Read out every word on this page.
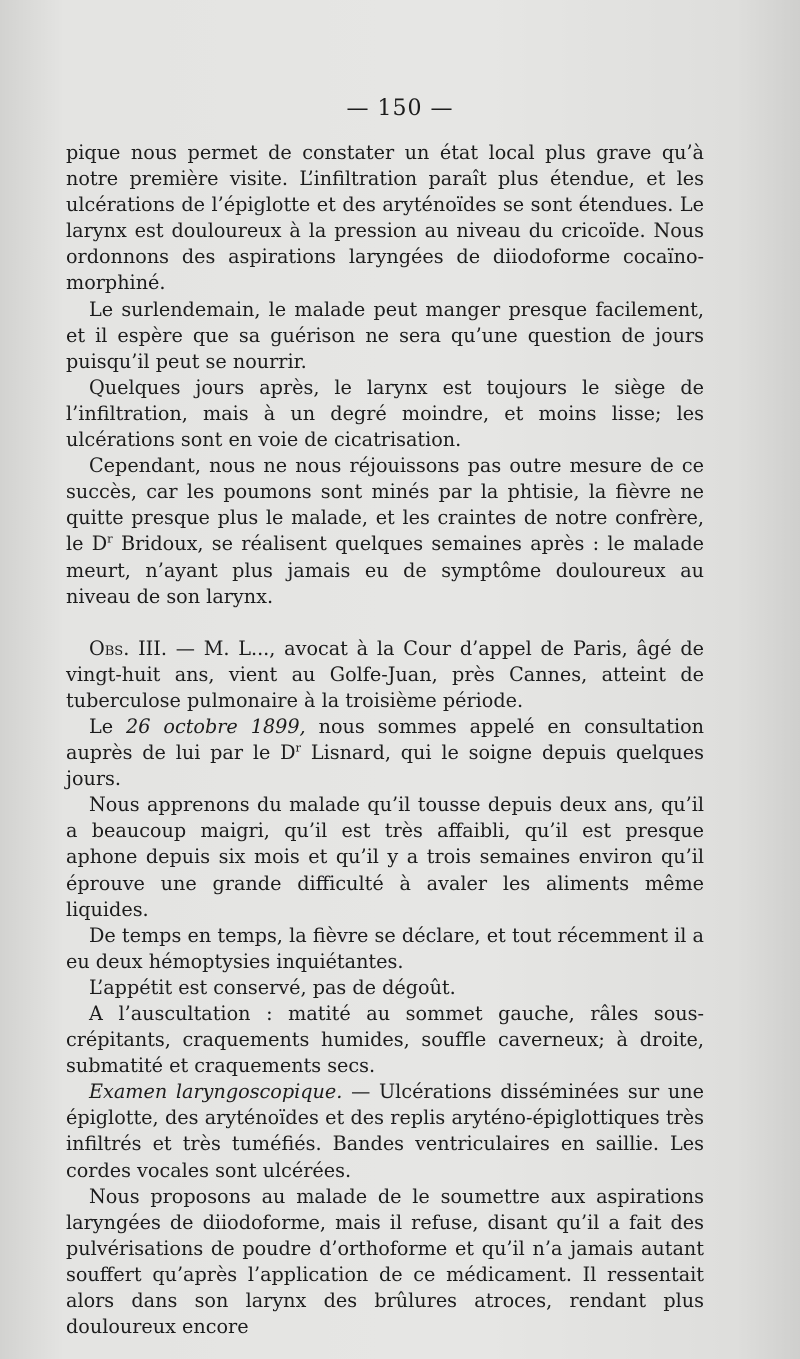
— 150 —

pique nous permet de constater un état local plus grave qu’à notre première visite. L’infiltration paraît plus étendue, et les ulcérations de l’épiglotte et des aryténoïdes se sont étendues. Le larynx est douloureux à la pression au niveau du cricoïde. Nous ordonnons des aspirations laryngées de diiodoforme cocaïno-morphiné.

Le surlendemain, le malade peut manger presque facilement, et il espère que sa guérison ne sera qu’une question de jours puisqu’il peut se nourrir.

Quelques jours après, le larynx est toujours le siège de l’infiltration, mais à un degré moindre, et moins lisse; les ulcérations sont en voie de cicatrisation.

Cependant, nous ne nous réjouissons pas outre mesure de ce succès, car les poumons sont minés par la phtisie, la fièvre ne quitte presque plus le malade, et les craintes de notre confrère, le $D^r$ Bridoux, se réalisent quelques semaines après : le malade meurt, n’ayant plus jamais eu de symptôme douloureux au niveau de son larynx.

Obs. III. — M. L..., avocat à la Cour d’appel de Paris, âgé de vingt-huit ans, vient au Golfe-Juan, près Cannes, atteint de tuberculose pulmonaire à la troisième période.

Le 26 octobre 1899, nous sommes appelé en consultation auprès de lui par le $D^r$ Lisnard, qui le soigne depuis quelques jours.

Nous apprenons du malade qu’il tousse depuis deux ans, qu’il a beaucoup maigri, qu’il est très affaibli, qu’il est presque aphone depuis six mois et qu’il y a trois semaines environ qu’il éprouve une grande difficulté à avaler les aliments même liquides.

De temps en temps, la fièvre se déclare, et tout récemment il a eu deux hémoptysies inquiétantes.

L’appétit est conservé, pas de dégoût.

A l’auscultation : matité au sommet gauche, râles sous-crépitants, craquements humides, souffle caverneux; à droite, submatité et craquements secs.

Examen laryngoscopique. — Ulcérations disséminées sur une épiglotte, des aryténoïdes et des replis aryténo-épiglottiques très infiltrés et très tuméfiés. Bandes ventriculaires en saillie. Les cordes vocales sont ulcérées.

Nous proposons au malade de le soumettre aux aspirations laryngées de diiodoforme, mais il refuse, disant qu’il a fait des pulvérisations de poudre d’orthoforme et qu’il n’a jamais autant souffert qu’après l’application de ce médicament. Il ressentait alors dans son larynx des brûlures atroces, rendant plus douloureux encore
